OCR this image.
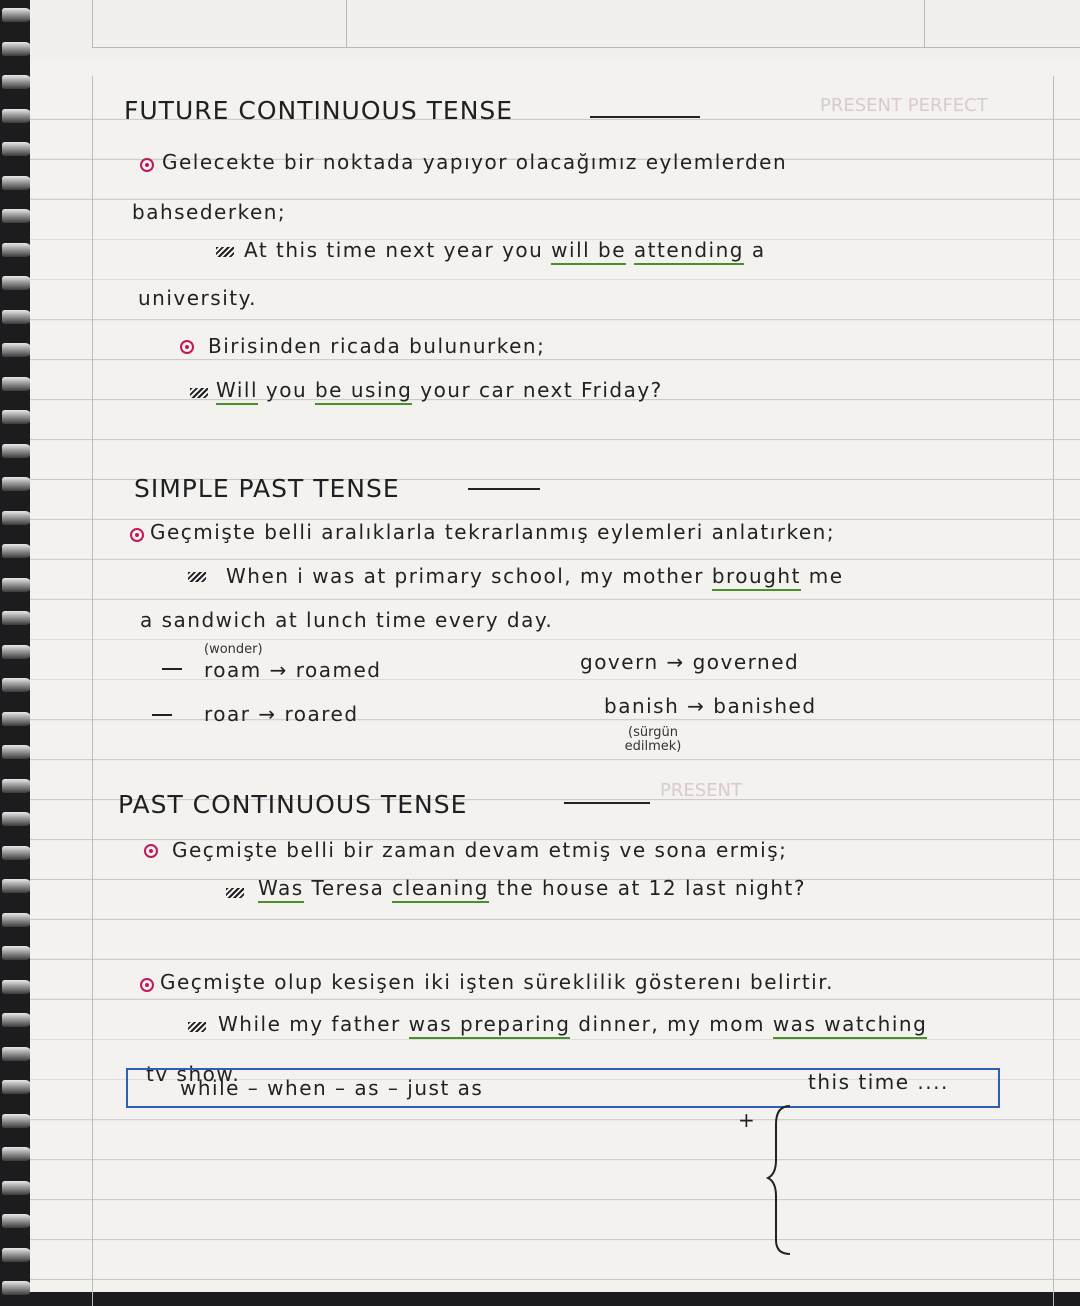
PRESENT PERFECT
PRESENT
FUTURE CONTINUOUS TENSE
Gelecekte bir noktada yapıyor olacağımız eylemlerden
bahsederken;
At this time next year you will be attending a
university.
Birisinden ricada bulunurken;
Will you be using your car next Friday?
SIMPLE PAST TENSE
Geçmişte belli aralıklarla tekrarlanmış eylemleri anlatırken;
When i was at primary school, my mother brought me
a sandwich at lunch time every day.
(wonder)
roam → roamed	govern → governed
roar → roared	banish → banished
(sürgün edilmek)
PAST CONTINUOUS TENSE
Geçmişte belli bir zaman devam etmiş ve sona ermiş;
Was Teresa cleaning the house at 12 last night?
Geçmişte olup kesişen iki işten süreklilik gösterenı belirtir.
While my father was preparing dinner, my mom was watching
tv show.
while – when – as – just as	this time ....
+
